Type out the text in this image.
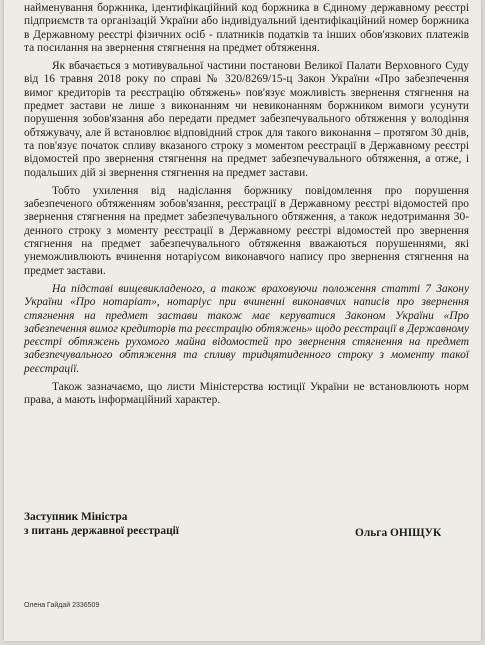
найменування боржника, ідентифікаційний код боржника в Єдиному державному реєстрі підприємств та організацій України або індивідуальний ідентифікаційний номер боржника в Державному реєстрі фізичних осіб - платників податків та інших обов'язкових платежів та посилання на звернення стягнення на предмет обтяження.

Як вбачається з мотивувальної частини постанови Великої Палати Верховного Суду від 16 травня 2018 року по справі № 320/8269/15-ц Закон України «Про забезпечення вимог кредиторів та реєстрацію обтяжень» пов'язує можливість звернення стягнення на предмет застави не лише з виконанням чи невиконанням боржником вимоги усунути порушення зобов'язання або передати предмет забезпечувального обтяження у володіння обтяжувачу, але й встановлює відповідний строк для такого виконання – протягом 30 днів, та пов'язує початок спливу вказаного строку з моментом реєстрації в Державному реєстрі відомостей про звернення стягнення на предмет забезпечувального обтяження, а отже, і подальших дій зі звернення стягнення на предмет застави.

Тобто ухилення від надіслання боржнику повідомлення про порушення забезпеченого обтяженням зобов'язання, реєстрації в Державному реєстрі відомостей про звернення стягнення на предмет забезпечувального обтяження, а також недотримання 30-денного строку з моменту реєстрації в Державному реєстрі відомостей про звернення стягнення на предмет забезпечувального обтяження вважаються порушеннями, які унеможливлюють вчинення нотаріусом виконавчого напису про звернення стягнення на предмет застави.

На підставі вищевикладеного, а також враховуючи положення статті 7 Закону України «Про нотаріат», нотаріус при вчиненні виконавчих написів про звернення стягнення на предмет застави також має керуватися Законом України «Про забезпечення вимог кредиторів та реєстрацію обтяжень» щодо реєстрації в Державному реєстрі обтяжень рухомого майна відомостей про звернення стягнення на предмет забезпечувального обтяження та спливу тридцятиденного строку з моменту такої реєстрації.

Також зазначаємо, що листи Міністерства юстиції України не встановлюють норм права, а мають інформаційний характер.

Заступник Міністра
з питань державної реєстрації	Ольга ОНІЩУК
Олена Гайдай 2336509
